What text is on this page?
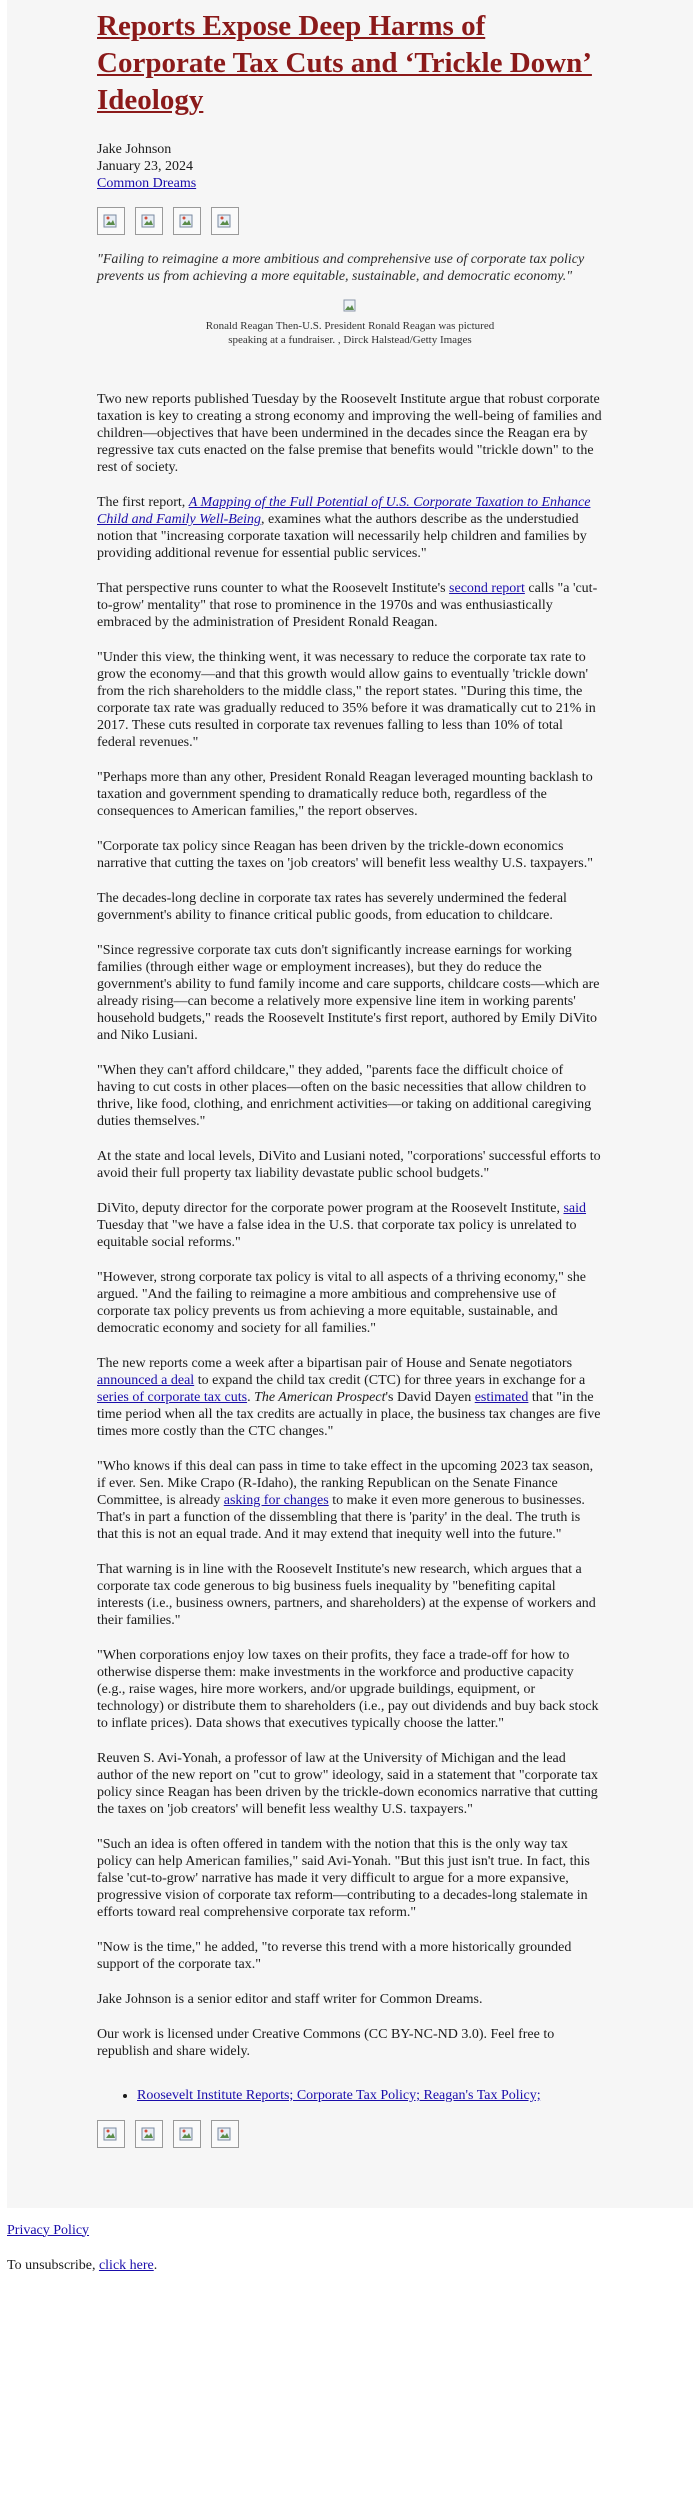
Reports Expose Deep Harms of Corporate Tax Cuts and ‘Trickle Down’ Ideology
Jake Johnson
January 23, 2024
Common Dreams
"Failing to reimagine a more ambitious and comprehensive use of corporate tax policy prevents us from achieving a more equitable, sustainable, and democratic economy."
Ronald Reagan Then-U.S. President Ronald Reagan was pictured speaking at a fundraiser. , Dirck Halstead/Getty Images

Two new reports published Tuesday by the Roosevelt Institute argue that robust corporate taxation is key to creating a strong economy and improving the well-being of families and children—objectives that have been undermined in the decades since the Reagan era by regressive tax cuts enacted on the false premise that benefits would "trickle down" to the rest of society.

The first report, A Mapping of the Full Potential of U.S. Corporate Taxation to Enhance Child and Family Well-Being, examines what the authors describe as the understudied notion that "increasing corporate taxation will necessarily help children and families by providing additional revenue for essential public services."

That perspective runs counter to what the Roosevelt Institute's second report calls "a 'cut-to-grow' mentality" that rose to prominence in the 1970s and was enthusiastically embraced by the administration of President Ronald Reagan.

"Under this view, the thinking went, it was necessary to reduce the corporate tax rate to grow the economy—and that this growth would allow gains to eventually 'trickle down' from the rich shareholders to the middle class," the report states. "During this time, the corporate tax rate was gradually reduced to 35% before it was dramatically cut to 21% in 2017. These cuts resulted in corporate tax revenues falling to less than 10% of total federal revenues."

"Perhaps more than any other, President Ronald Reagan leveraged mounting backlash to taxation and government spending to dramatically reduce both, regardless of the consequences to American families," the report observes.

"Corporate tax policy since Reagan has been driven by the trickle-down economics narrative that cutting the taxes on 'job creators' will benefit less wealthy U.S. taxpayers."

The decades-long decline in corporate tax rates has severely undermined the federal government's ability to finance critical public goods, from education to childcare.

"Since regressive corporate tax cuts don't significantly increase earnings for working families (through either wage or employment increases), but they do reduce the government's ability to fund family income and care supports, childcare costs—which are already rising—can become a relatively more expensive line item in working parents' household budgets," reads the Roosevelt Institute's first report, authored by Emily DiVito and Niko Lusiani.

"When they can't afford childcare," they added, "parents face the difficult choice of having to cut costs in other places—often on the basic necessities that allow children to thrive, like food, clothing, and enrichment activities—or taking on additional caregiving duties themselves."

At the state and local levels, DiVito and Lusiani noted, "corporations' successful efforts to avoid their full property tax liability devastate public school budgets."

DiVito, deputy director for the corporate power program at the Roosevelt Institute, said Tuesday that "we have a false idea in the U.S. that corporate tax policy is unrelated to equitable social reforms."

"However, strong corporate tax policy is vital to all aspects of a thriving economy," she argued. "And the failing to reimagine a more ambitious and comprehensive use of corporate tax policy prevents us from achieving a more equitable, sustainable, and democratic economy and society for all families."

The new reports come a week after a bipartisan pair of House and Senate negotiators announced a deal to expand the child tax credit (CTC) for three years in exchange for a series of corporate tax cuts. The American Prospect's David Dayen estimated that "in the time period when all the tax credits are actually in place, the business tax changes are five times more costly than the CTC changes."

"Who knows if this deal can pass in time to take effect in the upcoming 2023 tax season, if ever. Sen. Mike Crapo (R-Idaho), the ranking Republican on the Senate Finance Committee, is already asking for changes to make it even more generous to businesses. That's in part a function of the dissembling that there is 'parity' in the deal. The truth is that this is not an equal trade. And it may extend that inequity well into the future."

That warning is in line with the Roosevelt Institute's new research, which argues that a corporate tax code generous to big business fuels inequality by "benefiting capital interests (i.e., business owners, partners, and shareholders) at the expense of workers and their families."

"When corporations enjoy low taxes on their profits, they face a trade-off for how to otherwise disperse them: make investments in the workforce and productive capacity (e.g., raise wages, hire more workers, and/or upgrade buildings, equipment, or technology) or distribute them to shareholders (i.e., pay out dividends and buy back stock to inflate prices). Data shows that executives typically choose the latter."

Reuven S. Avi-Yonah, a professor of law at the University of Michigan and the lead author of the new report on "cut to grow" ideology, said in a statement that "corporate tax policy since Reagan has been driven by the trickle-down economics narrative that cutting the taxes on 'job creators' will benefit less wealthy U.S. taxpayers."

"Such an idea is often offered in tandem with the notion that this is the only way tax policy can help American families," said Avi-Yonah. "But this just isn't true. In fact, this false 'cut-to-grow' narrative has made it very difficult to argue for a more expansive, progressive vision of corporate tax reform—contributing to a decades-long stalemate in efforts toward real comprehensive corporate tax reform."

"Now is the time," he added, "to reverse this trend with a more historically grounded support of the corporate tax."

Jake Johnson is a senior editor and staff writer for Common Dreams.

Our work is licensed under Creative Commons (CC BY-NC-ND 3.0). Feel free to republish and share widely.

• Roosevelt Institute Reports; Corporate Tax Policy; Reagan's Tax Policy;

Privacy Policy

To unsubscribe, click here.
